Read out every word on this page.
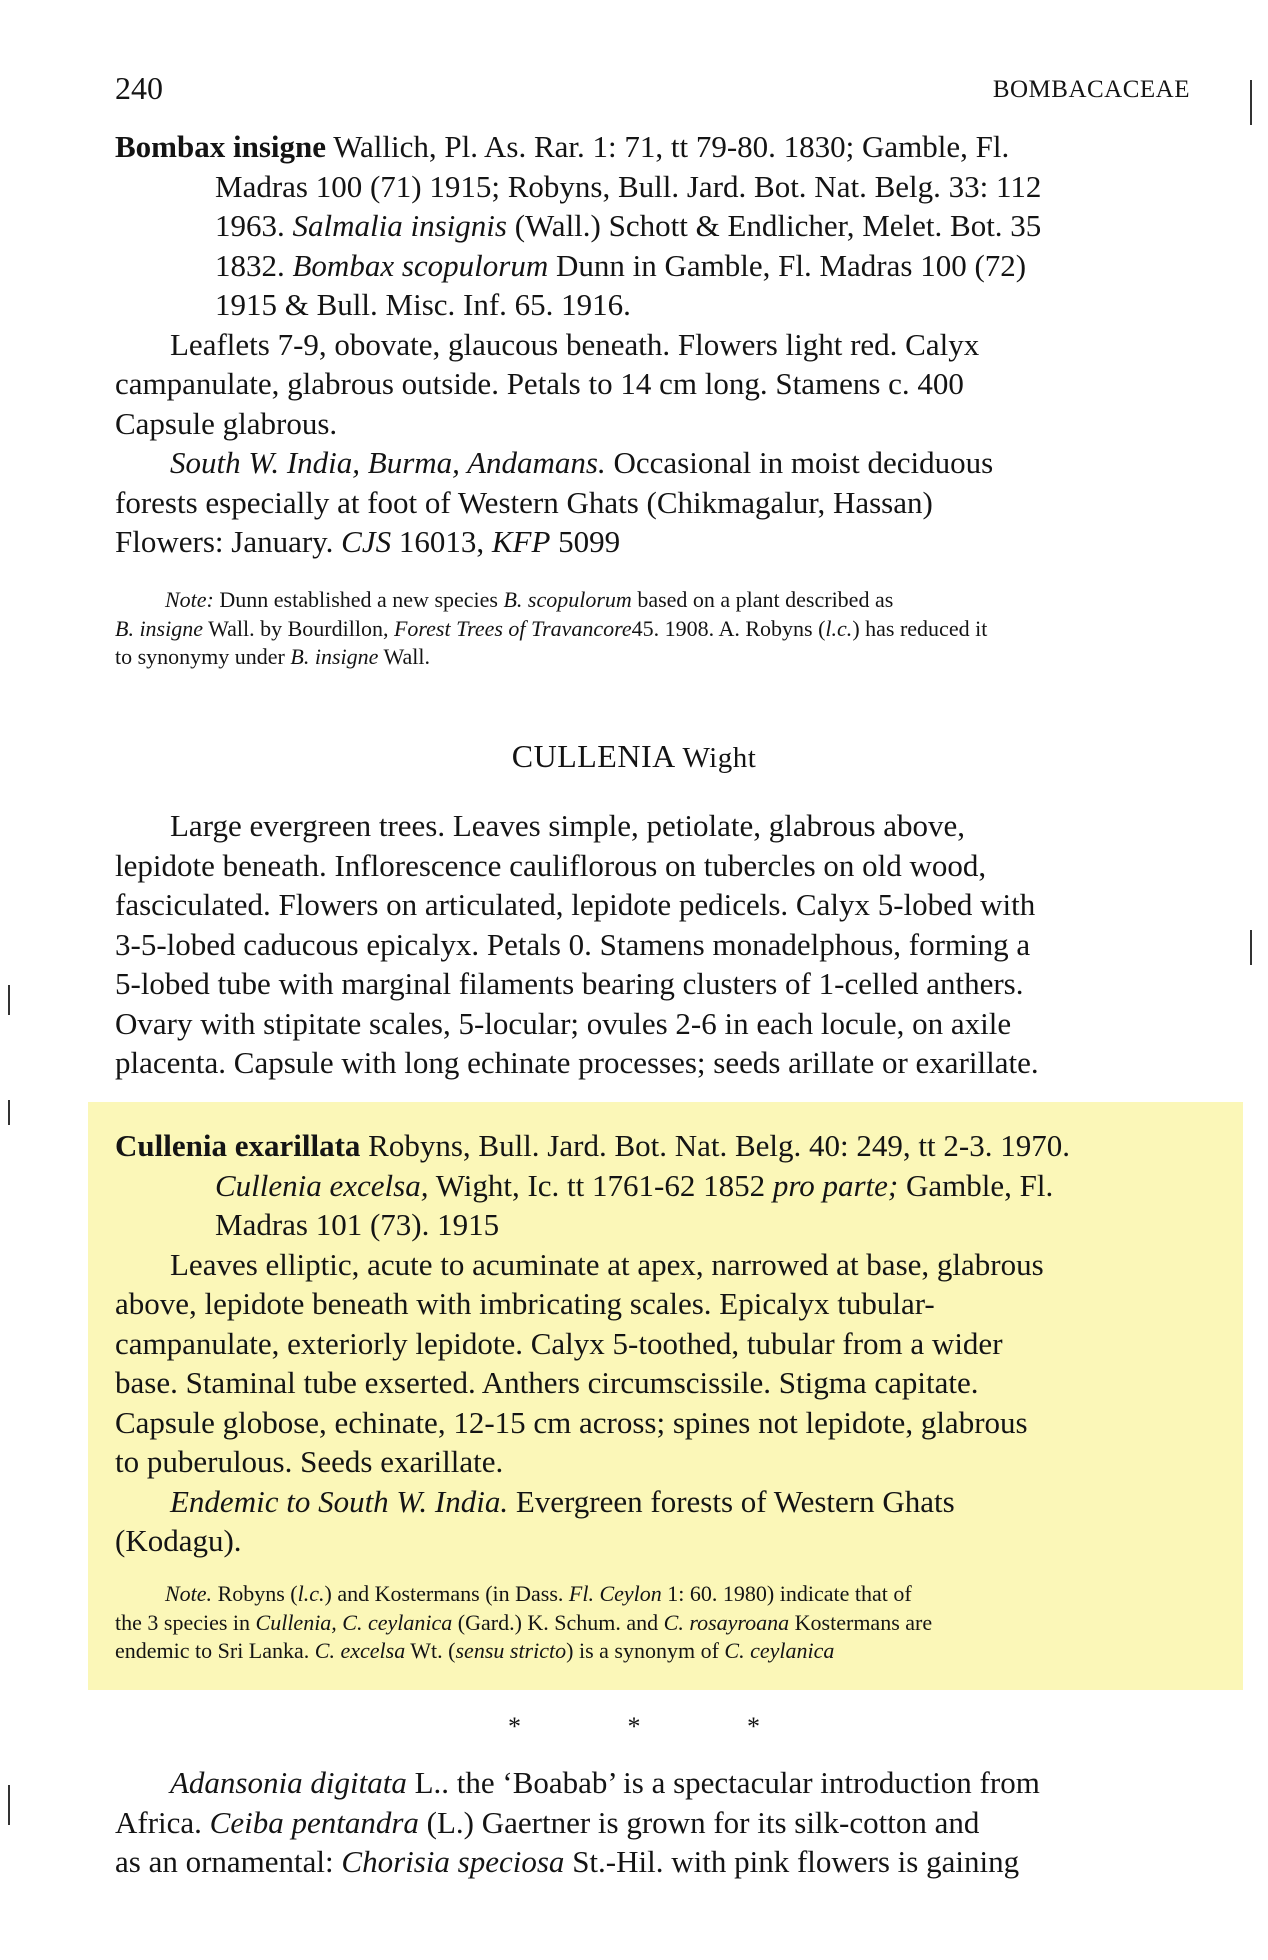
240	BOMBACACEAE
Bombax insigne Wallich, Pl. As. Rar. 1: 71, tt 79-80. 1830; Gamble, Fl.
Madras 100 (71) 1915; Robyns, Bull. Jard. Bot. Nat. Belg. 33: 112
1963. Salmalia insignis (Wall.) Schott & Endlicher, Melet. Bot. 35
1832. Bombax scopulorum Dunn in Gamble, Fl. Madras 100 (72)
1915 & Bull. Misc. Inf. 65. 1916.
Leaflets 7-9, obovate, glaucous beneath. Flowers light red. Calyx
campanulate, glabrous outside. Petals to 14 cm long. Stamens c. 400
Capsule glabrous.
South W. India, Burma, Andamans. Occasional in moist deciduous
forests especially at foot of Western Ghats (Chikmagalur, Hassan)
Flowers: January. CJS 16013, KFP 5099
Note: Dunn established a new species B. scopulorum based on a plant described as
B. insigne Wall. by Bourdillon, Forest Trees of Travancore45. 1908. A. Robyns (l.c.) has reduced it
to synonymy under B. insigne Wall.
CULLENIA Wight
Large evergreen trees. Leaves simple, petiolate, glabrous above,
lepidote beneath. Inflorescence cauliflorous on tubercles on old wood,
fasciculated. Flowers on articulated, lepidote pedicels. Calyx 5-lobed with
3-5-lobed caducous epicalyx. Petals 0. Stamens monadelphous, forming a
5-lobed tube with marginal filaments bearing clusters of 1-celled anthers.
Ovary with stipitate scales, 5-locular; ovules 2-6 in each locule, on axile
placenta. Capsule with long echinate processes; seeds arillate or exarillate.
Cullenia exarillata Robyns, Bull. Jard. Bot. Nat. Belg. 40: 249, tt 2-3. 1970.
Cullenia excelsa, Wight, Ic. tt 1761-62 1852 pro parte; Gamble, Fl.
Madras 101 (73). 1915
Leaves elliptic, acute to acuminate at apex, narrowed at base, glabrous
above, lepidote beneath with imbricating scales. Epicalyx tubular-
campanulate, exteriorly lepidote. Calyx 5-toothed, tubular from a wider
base. Staminal tube exserted. Anthers circumscissile. Stigma capitate.
Capsule globose, echinate, 12-15 cm across; spines not lepidote, glabrous
to puberulous. Seeds exarillate.
Endemic to South W. India. Evergreen forests of Western Ghats
(Kodagu).
Note. Robyns (l.c.) and Kostermans (in Dass. Fl. Ceylon 1: 60. 1980) indicate that of
the 3 species in Cullenia, C. ceylanica (Gard.) K. Schum. and C. rosayroana Kostermans are
endemic to Sri Lanka. C. excelsa Wt. (sensu stricto) is a synonym of C. ceylanica
*	*	*
Adansonia digitata L.. the ‘Boabab’ is a spectacular introduction from
Africa. Ceiba pentandra (L.) Gaertner is grown for its silk-cotton and
as an ornamental: Chorisia speciosa St.-Hil. with pink flowers is gaining
